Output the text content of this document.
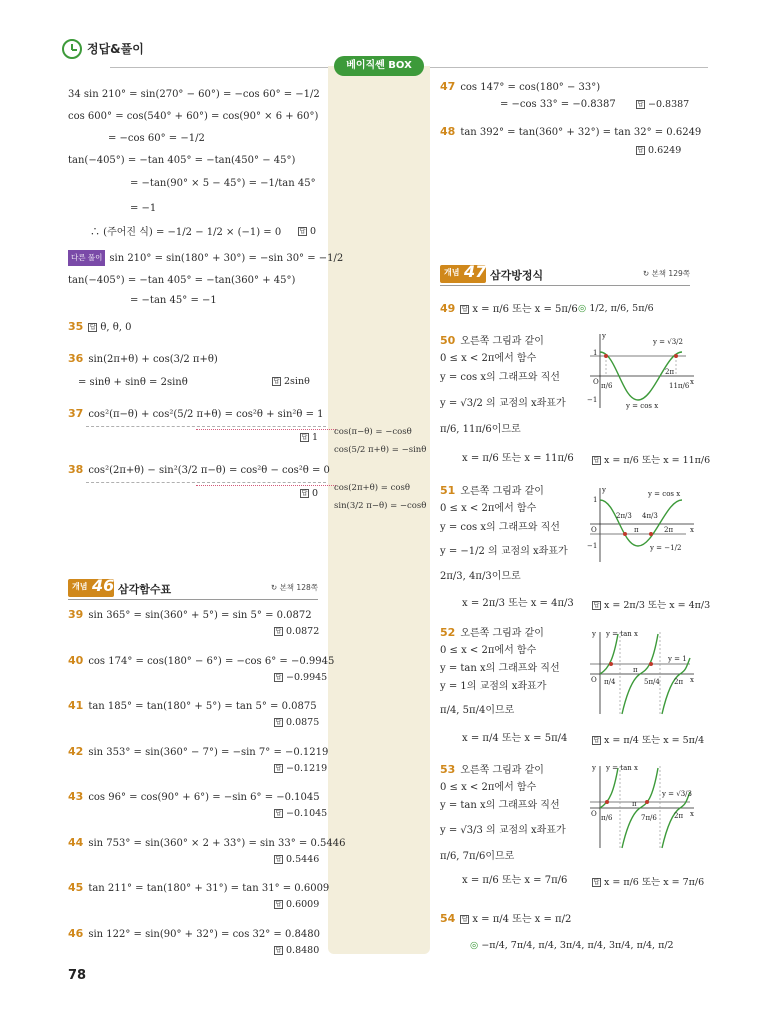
정답&풀이
베이직쎈 BOX
cos(π−θ) = −cosθ
cos(5/2 π+θ) = −sinθ
cos(2π+θ) = cosθ
sin(3/2 π−θ) = −cosθ
34 sin 210° = sin(270° − 60°) = −cos 60° = −1/2
cos 600° = cos(540° + 60°) = cos(90° × 6 + 60°)
= −cos 60° = −1/2
tan(−405°) = −tan 405° = −tan(450° − 45°)
= −tan(90° × 5 − 45°) = −1/tan 45°
= −1
∴ (주어진 식) = −1/2 − 1/2 × (−1) = 0	답 0
다른 풀이 sin 210° = sin(180° + 30°) = −sin 30° = −1/2
tan(−405°) = −tan 405° = −tan(360° + 45°)
= −tan 45° = −1
35 답 θ, θ, 0
36 sin(2π+θ) + cos(3/2 π+θ)
= sinθ + sinθ = 2sinθ	답 2sinθ
37 cos²(π−θ) + cos²(5/2 π+θ) = cos²θ + sin²θ = 1
답 1
38 cos²(2π+θ) − sin²(3/2 π−θ) = cos²θ − cos²θ = 0
답 0
개념 46 삼각함수표	↻ 본책 128쪽
39 sin 365° = sin(360° + 5°) = sin 5° = 0.0872
답 0.0872
40 cos 174° = cos(180° − 6°) = −cos 6° = −0.9945
답 −0.9945
41 tan 185° = tan(180° + 5°) = tan 5° = 0.0875
답 0.0875
42 sin 353° = sin(360° − 7°) = −sin 7° = −0.1219
답 −0.1219
43 cos 96° = cos(90° + 6°) = −sin 6° = −0.1045
답 −0.1045
44 sin 753° = sin(360° × 2 + 33°) = sin 33° = 0.5446
답 0.5446
45 tan 211° = tan(180° + 31°) = tan 31° = 0.6009
답 0.6009
46 sin 122° = sin(90° + 32°) = cos 32° = 0.8480
답 0.8480
78
47 cos 147° = cos(180° − 33°)
= −cos 33° = −0.8387	답 −0.8387
48 tan 392° = tan(360° + 32°) = tan 32° = 0.6249
답 0.6249
개념 47 삼각방정식	↻ 본책 129쪽
49 답 x = π/6 또는 x = 5π/6 ◎ 1/2, π/6, 5π/6
50 오른쪽 그림과 같이
0 ≤ x < 2π에서 함수
y = cos x의 그래프와 직선
y = √3/2 의 교점의 x좌표가
π/6, 11π/6이므로
x = π/6 또는 x = 11π/6	답 x = π/6 또는 x = 11π/6
y = √3/2
y = cos x
π/6	11π/6
2π
O
1
−1
x
y
51 오른쪽 그림과 같이
0 ≤ x < 2π에서 함수
y = cos x의 그래프와 직선
y = −1/2 의 교점의 x좌표가
2π/3, 4π/3이므로
x = 2π/3 또는 x = 4π/3	답 x = 2π/3 또는 x = 4π/3
y = cos x
y = −1/2
2π/3 4π/3
2π
π
O
1
−1
x
y
52 오른쪽 그림과 같이
0 ≤ x < 2π에서 함수
y = tan x의 그래프와 직선
y = 1의 교점의 x좌표가
π/4, 5π/4이므로
x = π/4 또는 x = 5π/4	답 x = π/4 또는 x = 5π/4
y = tan x
y = 1
π/4
π
5π/4 2π
O	x
y
53 오른쪽 그림과 같이
0 ≤ x < 2π에서 함수
y = tan x의 그래프와 직선
y = √3/3 의 교점의 x좌표가
π/6, 7π/6이므로
x = π/6 또는 x = 7π/6	답 x = π/6 또는 x = 7π/6
y = tan x
y = √3/3
π/6
π
7π/6 2π
O	x
y
54 답 x = π/4 또는 x = π/2
◎ −π/4, 7π/4, π/4, 3π/4, π/4, 3π/4, π/4, π/2
